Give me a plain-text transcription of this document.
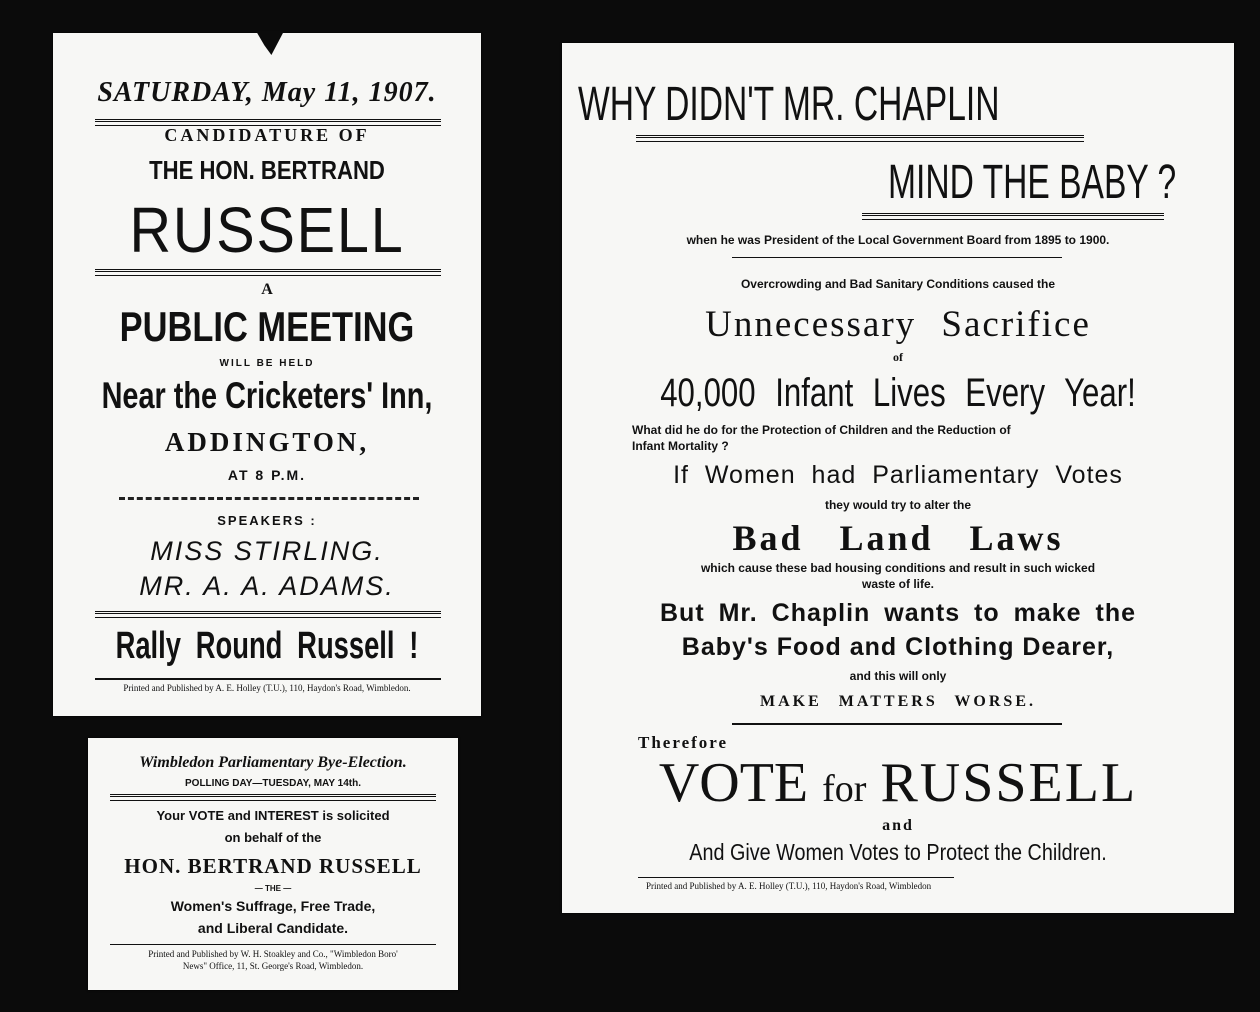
SATURDAY, May 11, 1907.
CANDIDATURE OF
THE HON. BERTRAND
RUSSELL
A
PUBLIC MEETING
WILL BE HELD
Near the Cricketers' Inn,
ADDINGTON,
AT 8 P.M.
SPEAKERS :
MISS STIRLING.
MR. A. A. ADAMS.
Rally Round Russell !
Printed and Published by A. E. Holley (T.U.), 110, Haydon's Road, Wimbledon.
Wimbledon Parliamentary Bye-Election.
POLLING DAY—TUESDAY, MAY 14th.
Your VOTE and INTEREST is solicited
on behalf of the
HON. BERTRAND RUSSELL
— THE —
Women's Suffrage, Free Trade,
and Liberal Candidate.
Printed and Published by W. H. Stoakley and Co., "Wimbledon Boro'
News" Office, 11, St. George's Road, Wimbledon.
WHY DIDN'T MR. CHAPLIN
MIND THE BABY ?
when he was President of the Local Government Board from 1895 to 1900.
Overcrowding and Bad Sanitary Conditions caused the
Unnecessary Sacrifice
of
40,000 Infant Lives Every Year!
What did he do for the Protection of Children and the Reduction of
Infant Mortality ?
If Women had Parliamentary Votes
they would try to alter the
Bad Land Laws
which cause these bad housing conditions and result in such wicked
waste of life.
But Mr. Chaplin wants to make the
Baby's Food and Clothing Dearer,
and this will only
MAKE MATTERS WORSE.
Therefore
VOTE for RUSSELL
and
And Give Women Votes to Protect the Children.
Printed and Published by A. E. Holley (T.U.), 110, Haydon's Road, Wimbledon
